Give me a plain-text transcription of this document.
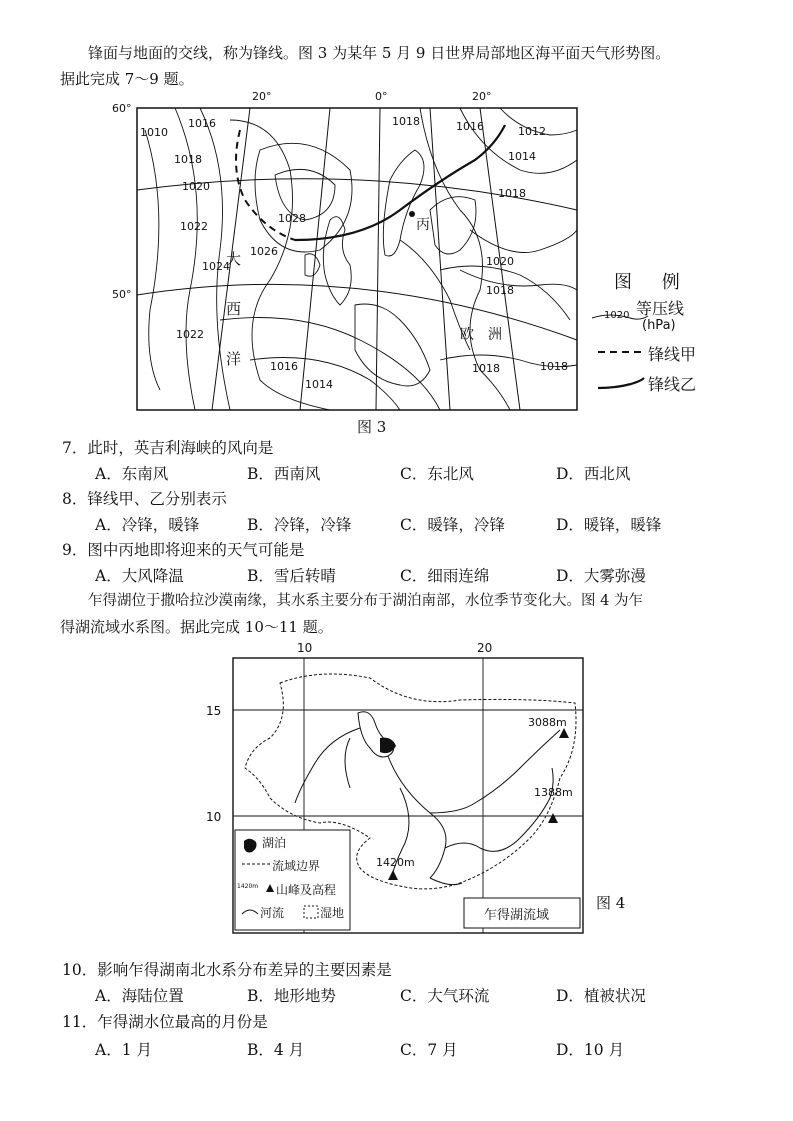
锋面与地面的交线，称为锋线。图 3 为某年 5 月 9 日世界局部地区海平面天气形势图。
据此完成 7～9 题。
20°	0°	20°
60°
50°
1010
1016
1018
1020
1022
1024
1026
1028
1022
1016
1014
1018	1016	1012
1014
1018
1020
1018
1018	1018
大
西
洋
欧　洲
丙
图 3
图 例
等压线
1020
(hPa)
锋线甲
锋线乙
7．此时，英吉利海峡的风向是
A．东南风	B．西南风	C．东北风	D．西北风
8．锋线甲、乙分别表示
A．冷锋，暖锋	B．冷锋，冷锋	C．暖锋，冷锋	D．暖锋，暖锋
9．图中丙地即将迎来的天气可能是
A．大风降温	B．雪后转晴	C．细雨连绵	D．大雾弥漫
乍得湖位于撒哈拉沙漠南缘，其水系主要分布于湖泊南部，水位季节变化大。图 4 为乍
得湖流域水系图。据此完成 10～11 题。
10	20
15
10
3088m
1388m
1420m
湖泊
流域边界
1420m 山峰及高程
河流	湿地	乍得湖流域
图 4
10．影响乍得湖南北水系分布差异的主要因素是
A．海陆位置	B．地形地势	C．大气环流	D．植被状况
11．乍得湖水位最高的月份是
A．1 月	B．4 月	C．7 月	D．10 月
